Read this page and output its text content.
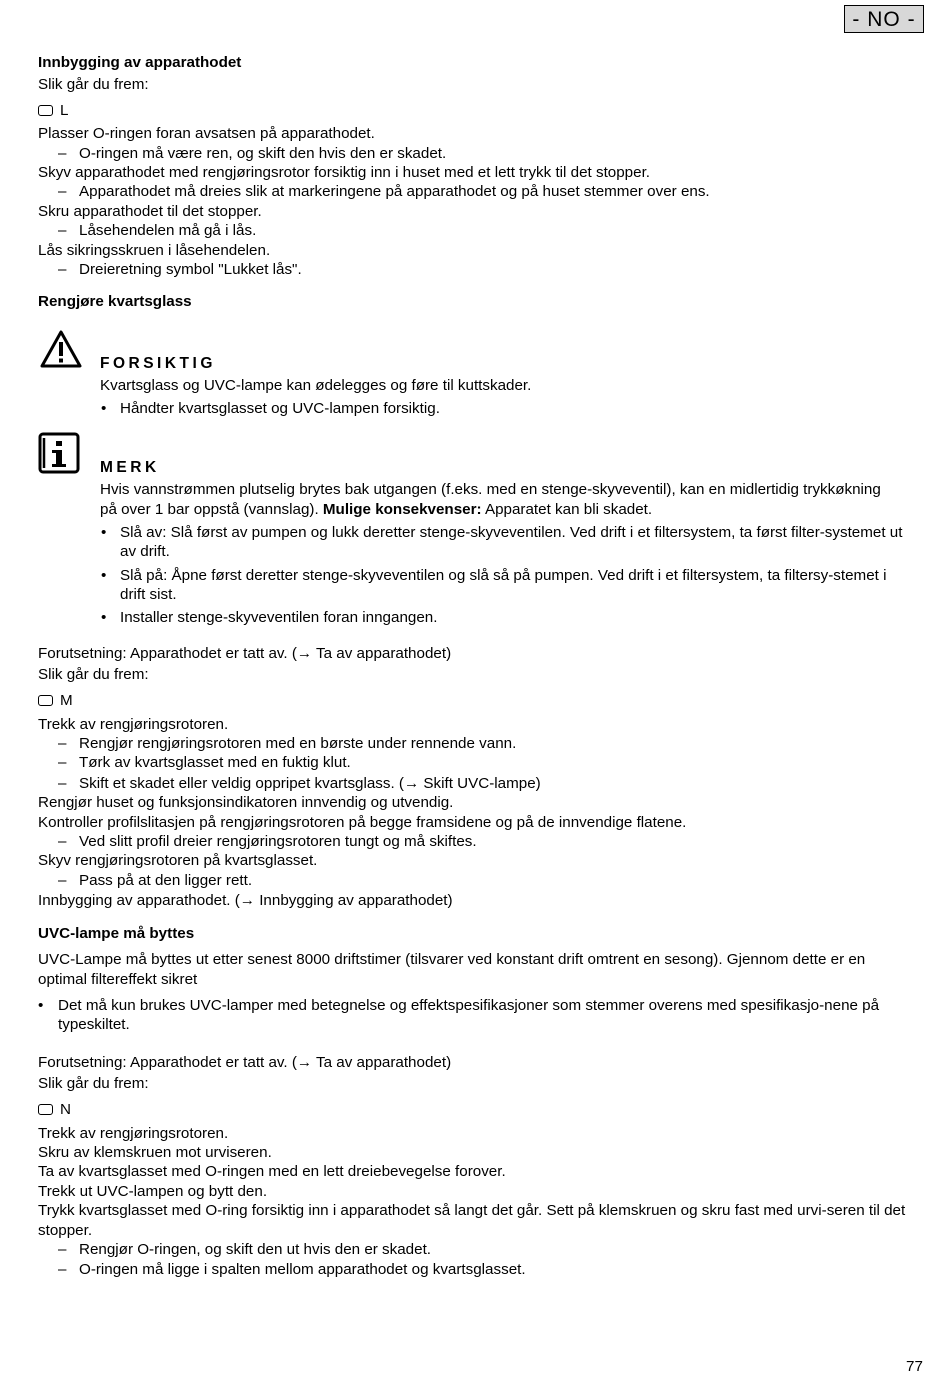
- NO -
Innbygging av apparathodet
Slik går du frem:
L
Plasser O-ringen foran avsatsen på apparathodet.
– O-ringen må være ren, og skift den hvis den er skadet.
Skyv apparathodet med rengjøringsrotor forsiktig inn i huset med et lett trykk til det stopper.
– Apparathodet må dreies slik at markeringene på apparathodet og på huset stemmer over ens.
Skru apparathodet til det stopper.
– Låsehendelen må gå i lås.
Lås sikringsskruen i låsehendelen.
– Dreieretning symbol "Lukket lås".
Rengjøre kvartsglass
FORSIKTIG
Kvartsglass og UVC-lampe kan ødelegges og føre til kuttskader.
• Håndter kvartsglasset og UVC-lampen forsiktig.
MERK
Hvis vannstrømmen plutselig brytes bak utgangen (f.eks. med en stenge-skyveventil), kan en midlertidig trykkøkning på over 1 bar oppstå (vannslag). Mulige konsekvenser: Apparatet kan bli skadet.
• Slå av: Slå først av pumpen og lukk deretter stenge-skyveventilen. Ved drift i et filtersystem, ta først filter-systemet ut av drift.
• Slå på: Åpne først deretter stenge-skyveventilen og slå så på pumpen. Ved drift i et filtersystem, ta filtersy-stemet i drift sist.
• Installer stenge-skyveventilen foran inngangen.
Forutsetning: Apparathodet er tatt av. (→ Ta av apparathodet)
Slik går du frem:
M
Trekk av rengjøringsrotoren.
– Rengjør rengjøringsrotoren med en børste under rennende vann.
– Tørk av kvartsglasset med en fuktig klut.
– Skift et skadet eller veldig oppripet kvartsglass. (→ Skift UVC-lampe)
Rengjør huset og funksjonsindikatoren innvendig og utvendig.
Kontroller profilslitasjen på rengjøringsrotoren på begge framsidene og på de innvendige flatene.
– Ved slitt profil dreier rengjøringsrotoren tungt og må skiftes.
Skyv rengjøringsrotoren på kvartsglasset.
– Pass på at den ligger rett.
Innbygging av apparathodet. (→ Innbygging av apparathodet)
UVC-lampe må byttes
UVC-Lampe må byttes ut etter senest 8000 driftstimer (tilsvarer ved konstant drift omtrent en sesong). Gjennom dette er en optimal filtereffekt sikret
• Det må kun brukes UVC-lamper med betegnelse og effektspesifikasjoner som stemmer overens med spesifikasjo-nene på typeskiltet.
Forutsetning: Apparathodet er tatt av. (→ Ta av apparathodet)
Slik går du frem:
N
Trekk av rengjøringsrotoren.
Skru av klemskruen mot urviseren.
Ta av kvartsglasset med O-ringen med en lett dreiebevegelse forover.
Trekk ut UVC-lampen og bytt den.
Trykk kvartsglasset med O-ring forsiktig inn i apparathodet så langt det går. Sett på klemskruen og skru fast med urvi-seren til det stopper.
– Rengjør O-ringen, og skift den ut hvis den er skadet.
– O-ringen må ligge i spalten mellom apparathodet og kvartsglasset.
77
